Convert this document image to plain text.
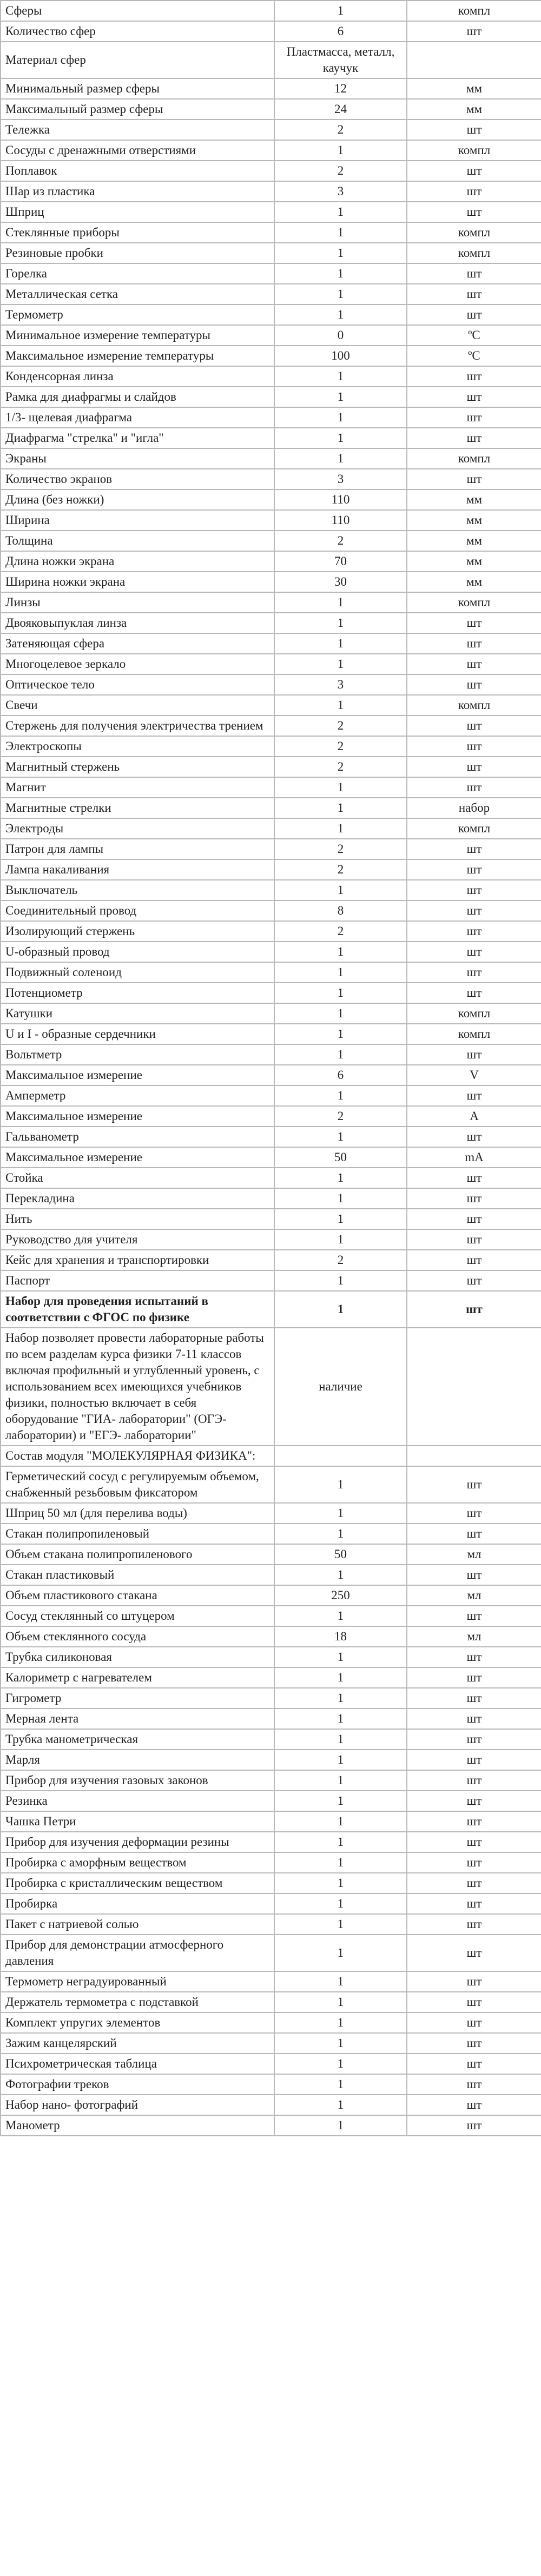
Сферы	1	компл
Количество сфер	6	шт
Материал сфер	Пластмасса, металл, каучук	
Минимальный размер сферы	12	мм
Максимальный размер сферы	24	мм
Тележка	2	шт
Сосуды с дренажными отверстиями	1	компл
Поплавок	2	шт
Шар из пластика	3	шт
Шприц	1	шт
Стеклянные приборы	1	компл
Резиновые пробки	1	компл
Горелка	1	шт
Металлическая сетка	1	шт
Термометр	1	шт
Минимальное измерение температуры	0	ºС
Максимальное измерение температуры	100	ºС
Конденсорная линза	1	шт
Рамка для диафрагмы и слайдов	1	шт
1/3- щелевая диафрагма	1	шт
Диафрагма "стрелка" и "игла"	1	шт
Экраны	1	компл
Количество экранов	3	шт
Длина (без ножки)	110	мм
Ширина	110	мм
Толщина	2	мм
Длина ножки экрана	70	мм
Ширина ножки экрана	30	мм
Линзы	1	компл
Двояковыпуклая линза	1	шт
Затеняющая сфера	1	шт
Многоцелевое зеркало	1	шт
Оптическое тело	3	шт
Свечи	1	компл
Стержень для получения электричества трением	2	шт
Электроскопы	2	шт
Магнитный стержень	2	шт
Магнит	1	шт
Магнитные стрелки	1	набор
Электроды	1	компл
Патрон для лампы	2	шт
Лампа накаливания	2	шт
Выключатель	1	шт
Соединительный провод	8	шт
Изолирующий стержень	2	шт
U-образный провод	1	шт
Подвижный соленоид	1	шт
Потенциометр	1	шт
Катушки	1	компл
U и I - образные сердечники	1	компл
Вольтметр	1	шт
Максимальное измерение	6	V
Амперметр	1	шт
Максимальное измерение	2	А
Гальванометр	1	шт
Максимальное измерение	50	mA
Стойка	1	шт
Перекладина	1	шт
Нить	1	шт
Руководство для учителя	1	шт
Кейс для хранения и транспортировки	2	шт
Паспорт	1	шт
Набор для проведения испытаний в соответствии с ФГОС по физике	1	шт
Набор позволяет провести лабораторные работы по всем разделам курса физики 7-11 классов включая профильный и углубленный уровень, с использованием всех имеющихся учебников физики, полностью включает в себя оборудование "ГИА- лаборатории" (ОГЭ- лаборатории) и "ЕГЭ- лаборатории"	наличие	
Состав модуля "МОЛЕКУЛЯРНАЯ ФИЗИКА":		
Герметический сосуд с регулируемым объемом, снабженный резьбовым фиксатором	1	шт
Шприц 50 мл (для перелива воды)	1	шт
Стакан полипропиленовый	1	шт
Объем стакана полипропиленового	50	мл
Стакан пластиковый	1	шт
Объем пластикового стакана	250	мл
Сосуд стеклянный со штуцером	1	шт
Объем стеклянного сосуда	18	мл
Трубка силиконовая	1	шт
Калориметр с нагревателем	1	шт
Гигрометр	1	шт
Мерная лента	1	шт
Трубка манометрическая	1	шт
Марля	1	шт
Прибор для изучения газовых законов	1	шт
Резинка	1	шт
Чашка Петри	1	шт
Прибор для изучения деформации резины	1	шт
Пробирка с аморфным веществом	1	шт
Пробирка с кристаллическим веществом	1	шт
Пробирка	1	шт
Пакет с натриевой солью	1	шт
Прибор для демонстрации атмосферного давления	1	шт
Термометр неградуированный	1	шт
Держатель термометра с подставкой	1	шт
Комплект упругих элементов	1	шт
Зажим канцелярский	1	шт
Психрометрическая таблица	1	шт
Фотографии треков	1	шт
Набор нано- фотографий	1	шт
Манометр	1	шт
